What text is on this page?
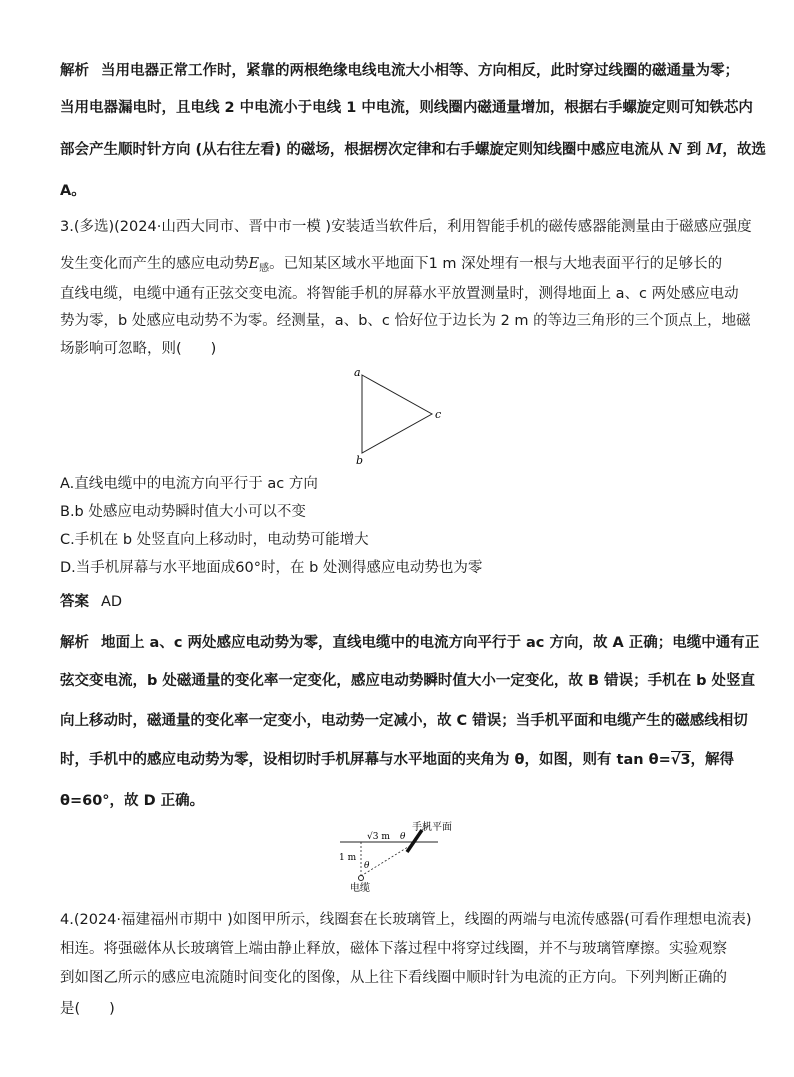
解析 当用电器正常工作时，紧靠的两根绝缘电线电流大小相等、方向相反，此时穿过线圈的磁通量为零；
当用电器漏电时，且电线 2 中电流小于电线 1 中电流，则线圈内磁通量增加，根据右手螺旋定则可知铁芯内
部会产生顺时针方向 (从右往左看) 的磁场，根据楞次定律和右手螺旋定则知线圈中感应电流从 N 到 M，故选
A。
3.(多选)(2024·山西大同市、晋中市一模 )安装适当软件后，利用智能手机的磁传感器能测量由于磁感应强度
发生变化而产生的感应电动势$E_感$。已知某区域水平地面下1 m 深处埋有一根与大地表面平行的足够长的
直线电缆，电缆中通有正弦交变电流。将智能手机的屏幕水平放置测量时，测得地面上 a、c 两处感应电动
势为零，b 处感应电动势不为零。经测量，a、b、c 恰好位于边长为 2 m 的等边三角形的三个顶点上，地磁
场影响可忽略，则(　　)
a
c
b
A.直线电缆中的电流方向平行于 ac 方向
B.b 处感应电动势瞬时值大小可以不变
C.手机在 b 处竖直向上移动时，电动势可能增大
D.当手机屏幕与水平地面成60°时，在 b 处测得感应电动势也为零
答案 AD
解析 地面上 a、c 两处感应电动势为零，直线电缆中的电流方向平行于 ac 方向，故 A 正确；电缆中通有正
弦交变电流，b 处磁通量的变化率一定变化，感应电动势瞬时值大小一定变化，故 B 错误；手机在 b 处竖直
向上移动时，磁通量的变化率一定变小，电动势一定减小，故 C 错误；当手机平面和电缆产生的磁感线相切
时，手机中的感应电动势为零，设相切时手机屏幕与水平地面的夹角为 θ，如图，则有 tan θ=√3，解得
θ=60°，故 D 正确。
√3 m θ
手机平面
1 m
θ
电缆
4.(2024·福建福州市期中 )如图甲所示，线圈套在长玻璃管上，线圈的两端与电流传感器(可看作理想电流表)
相连。将强磁体从长玻璃管上端由静止释放，磁体下落过程中将穿过线圈，并不与玻璃管摩擦。实验观察
到如图乙所示的感应电流随时间变化的图像，从上往下看线圈中顺时针为电流的正方向。下列判断正确的
是(　　)
